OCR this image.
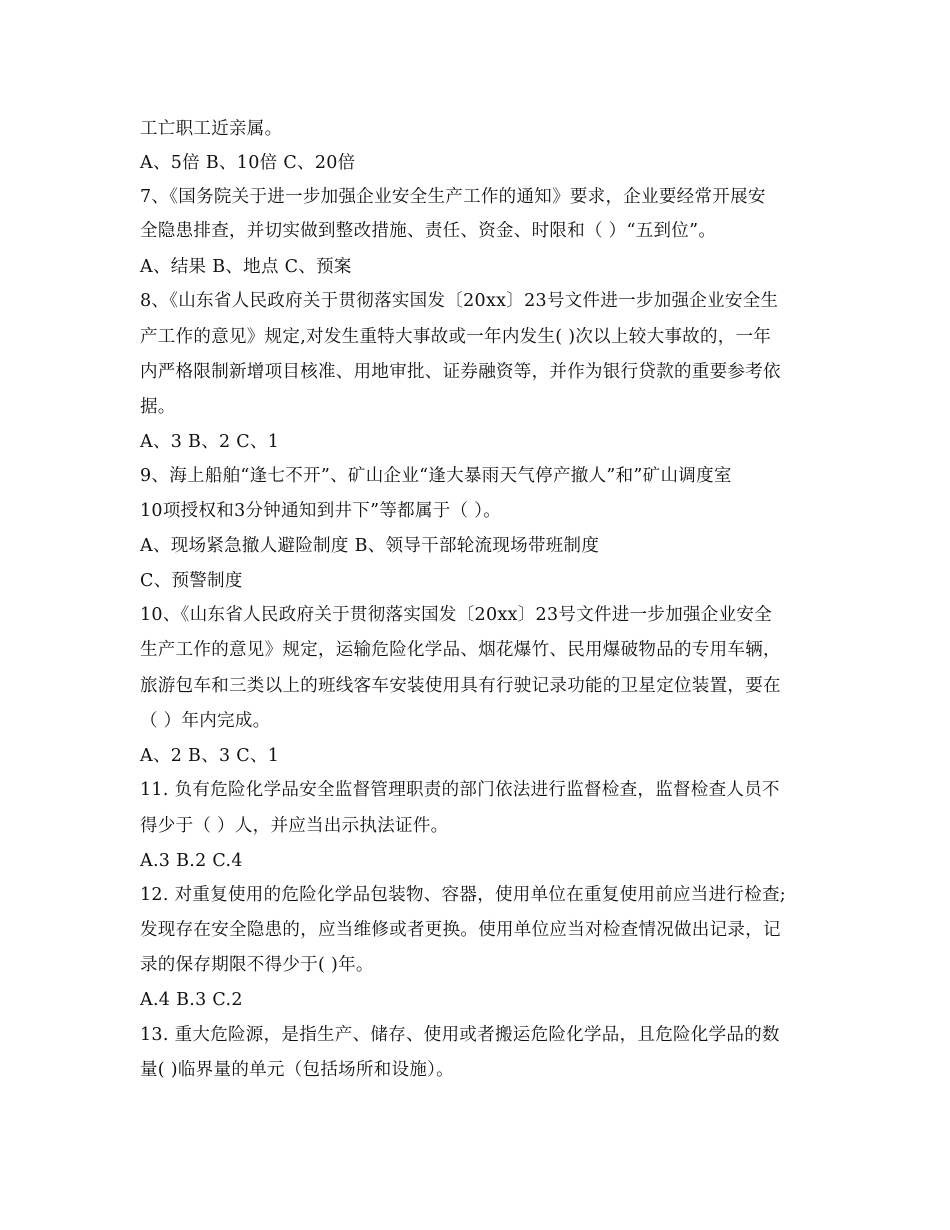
工亡职工近亲属。
A、5倍 B、10倍 C、20倍
7、《国务院关于进一步加强企业安全生产工作的通知》要求，企业要经常开展安
全隐患排查，并切实做到整改措施、责任、资金、时限和（ ）“五到位”。
A、结果 B、地点 C、预案
8、《山东省人民政府关于贯彻落实国发〔20xx〕23号文件进一步加强企业安全生
产工作的意见》规定,对发生重特大事故或一年内发生( )次以上较大事故的，一年
内严格限制新增项目核准、用地审批、证券融资等，并作为银行贷款的重要参考依
据。
A、3 B、2 C、1
9、海上船舶“逢七不开”、矿山企业“逢大暴雨天气停产撤人”和”矿山调度室
10项授权和3分钟通知到井下”等都属于（ ）。
A、现场紧急撤人避险制度 B、领导干部轮流现场带班制度
C、预警制度
10、《山东省人民政府关于贯彻落实国发〔20xx〕23号文件进一步加强企业安全
生产工作的意见》规定，运输危险化学品、烟花爆竹、民用爆破物品的专用车辆，
旅游包车和三类以上的班线客车安装使用具有行驶记录功能的卫星定位装置，要在
（ ）年内完成。
A、2 B、3 C、1
11. 负有危险化学品安全监督管理职责的部门依法进行监督检查，监督检查人员不
得少于（ ）人，并应当出示执法证件。
A.3 B.2 C.4
12. 对重复使用的危险化学品包装物、容器，使用单位在重复使用前应当进行检查;
发现存在安全隐患的，应当维修或者更换。使用单位应当对检查情况做出记录，记
录的保存期限不得少于( )年。
A.4 B.3 C.2
13. 重大危险源，是指生产、储存、使用或者搬运危险化学品，且危险化学品的数
量( )临界量的单元（包括场所和设施）。
